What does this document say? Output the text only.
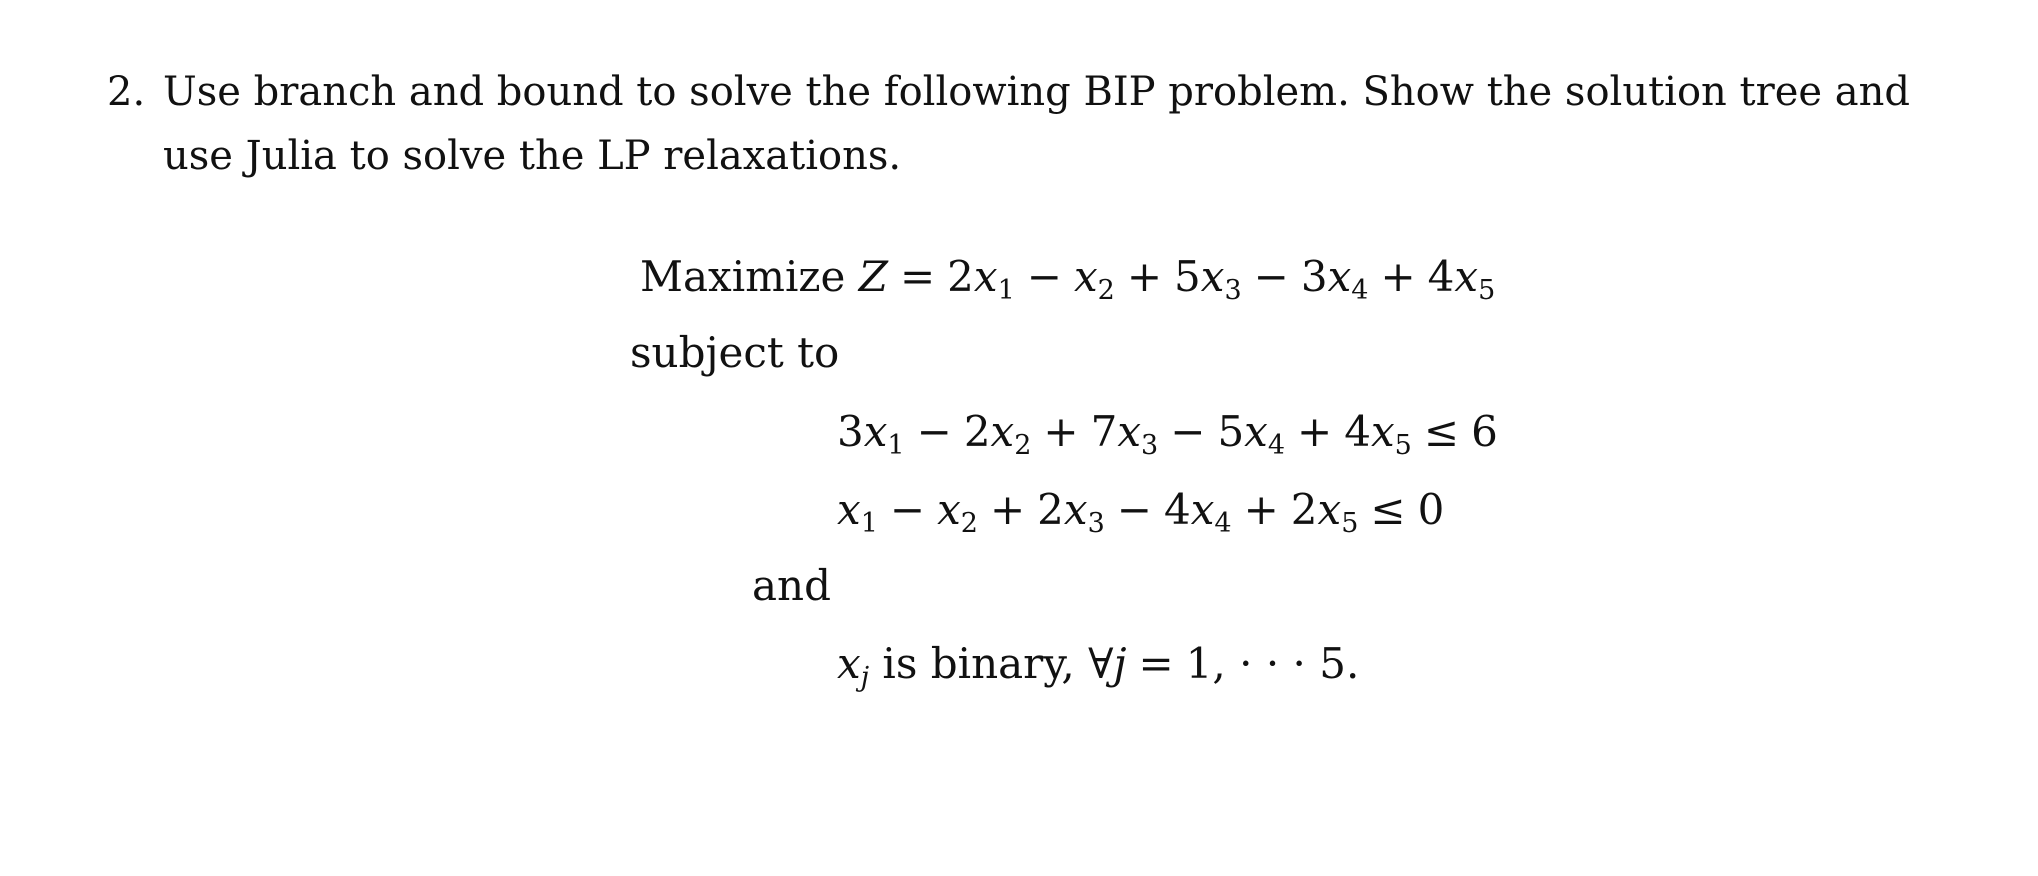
2. Use branch and bound to solve the following BIP problem. Show the solution tree and use Julia to solve the LP relaxations.
Maximize $Z = 2x_1 - x_2 + 5x_3 - 3x_4 + 4x_5$
subject to
$3x_1 - 2x_2 + 7x_3 - 5x_4 + 4x_5 \le 6$
$x_1 - x_2 + 2x_3 - 4x_4 + 2x_5 \le 0$
and
$x_j$ is binary, ∀j = 1, · · · 5.
